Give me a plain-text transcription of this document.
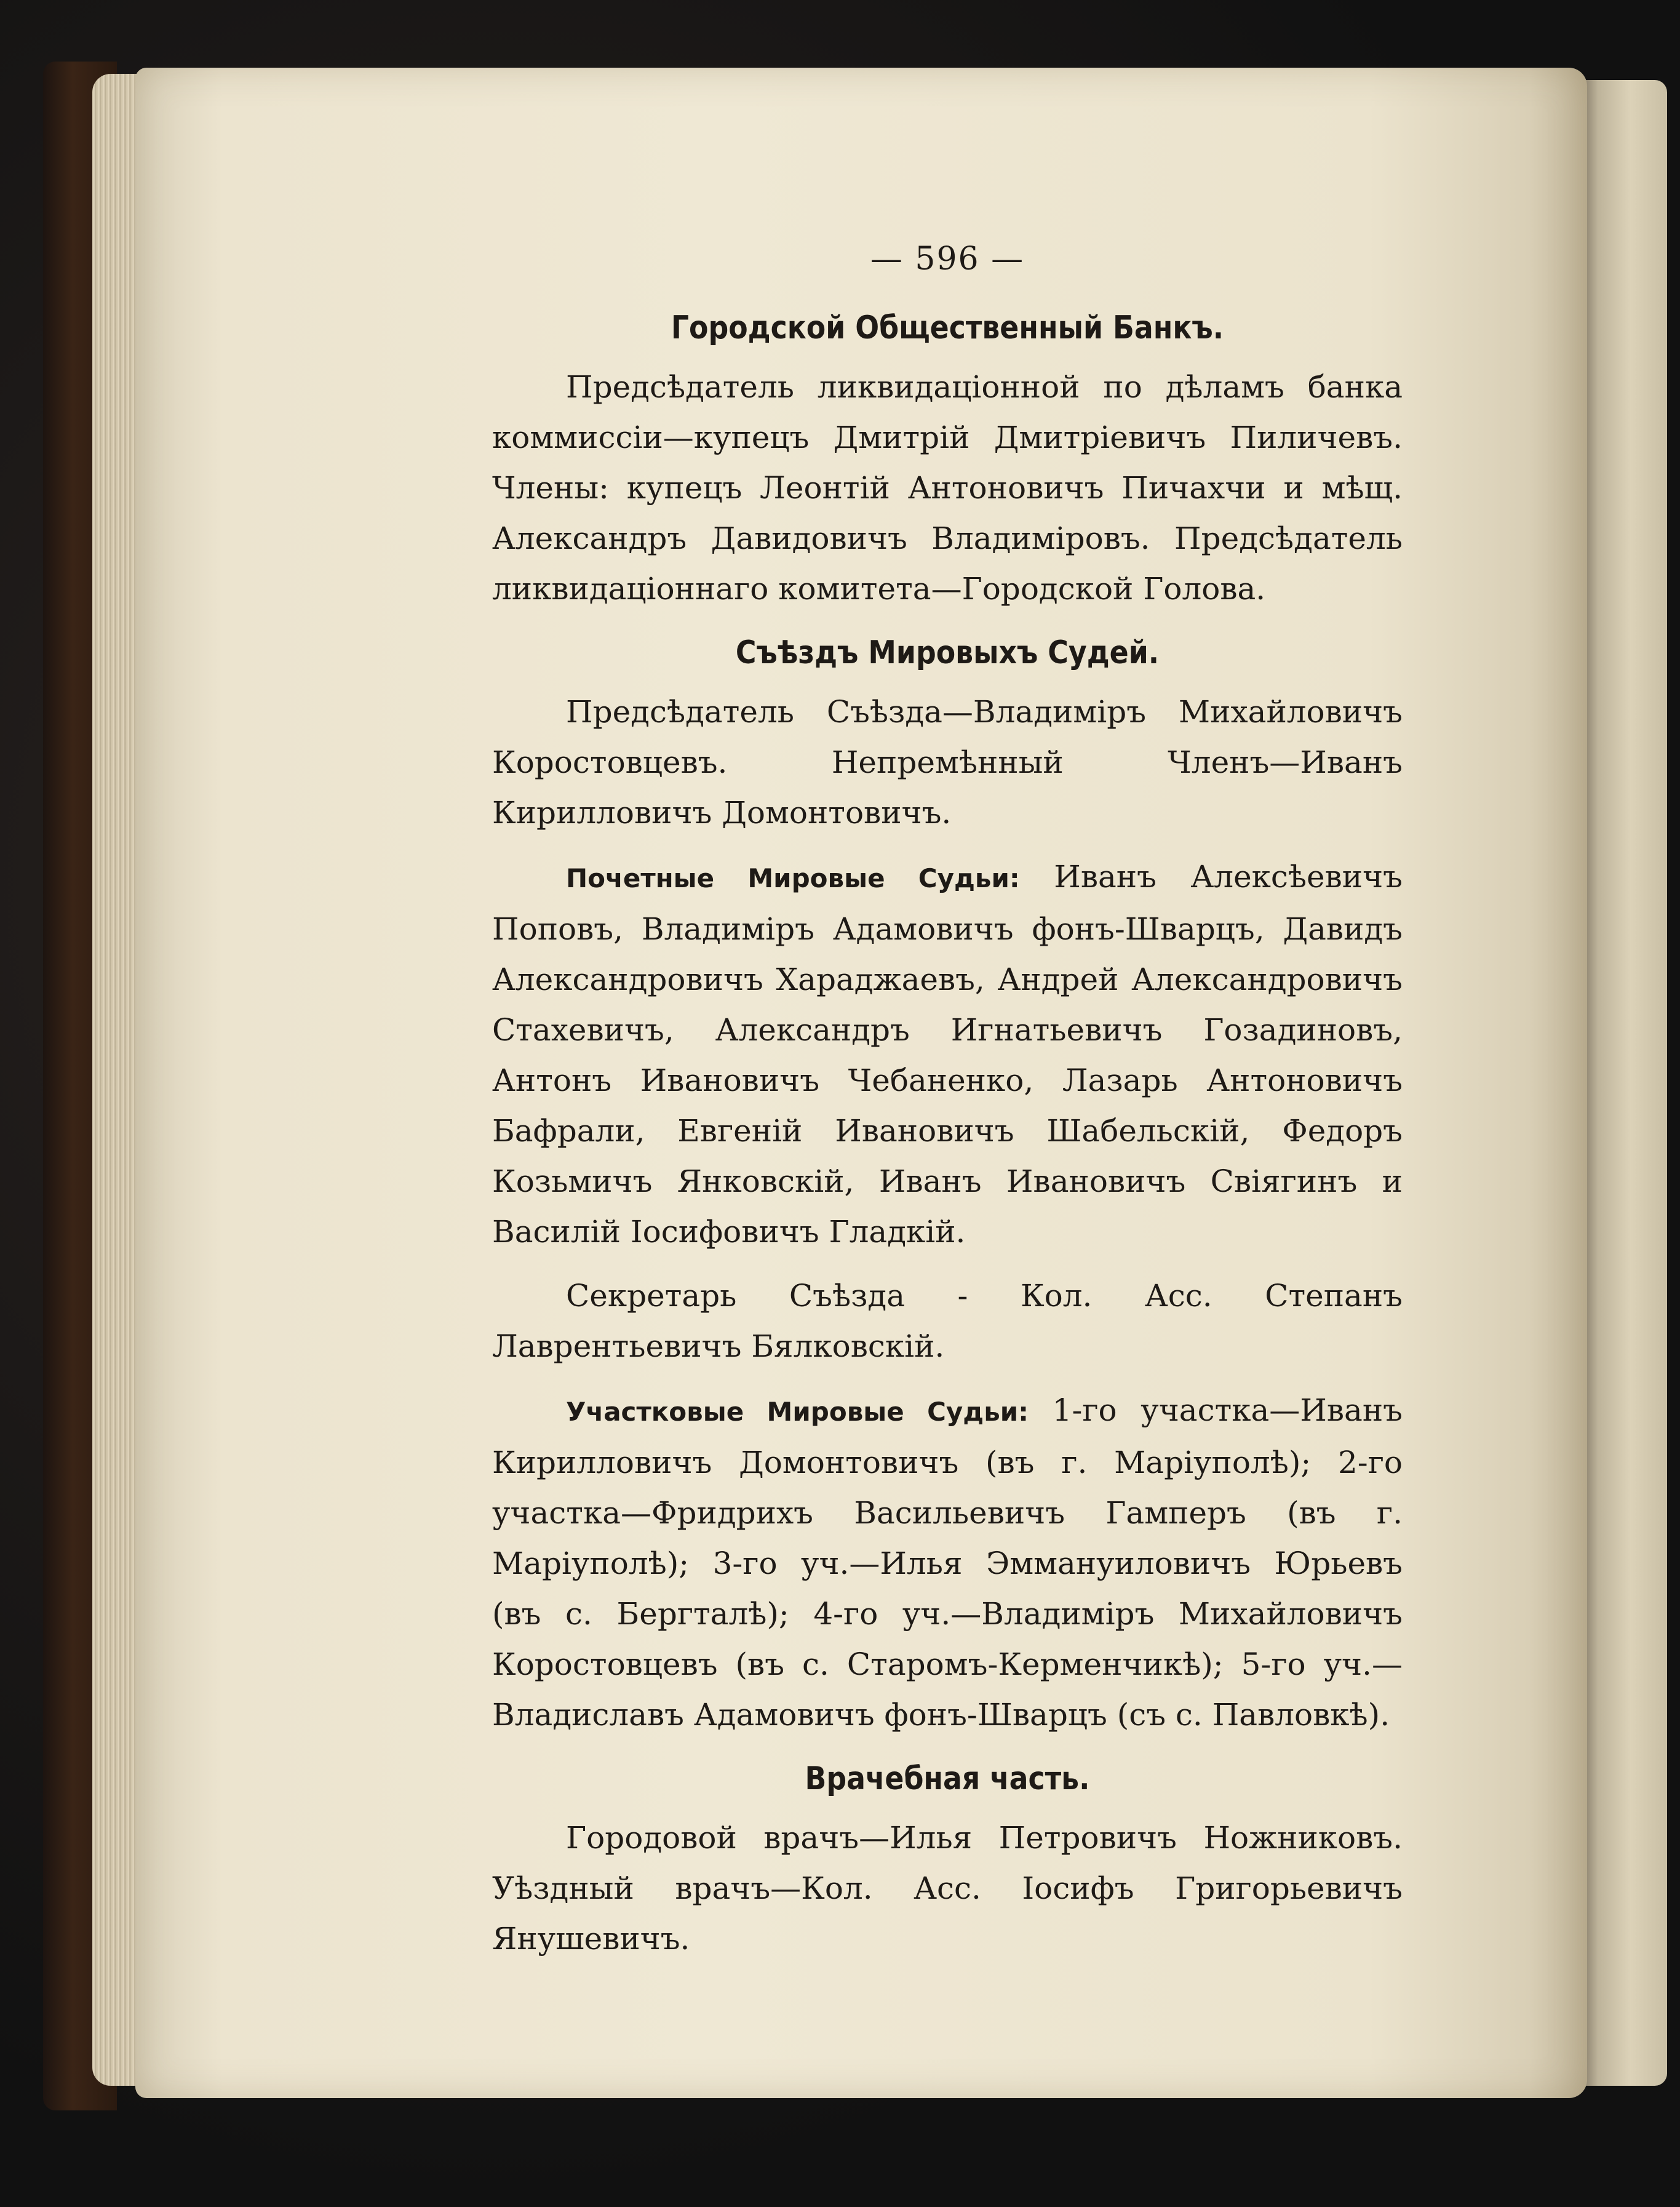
— 596 —
Городской Общественный Банкъ.

Предсѣдатель ликвидаціонной по дѣламъ банка коммиссіи—купецъ Дмитрій Дмитріевичъ Пиличевъ. Члены: купецъ Леонтій Антоновичъ Пичахчи и мѣщ. Александръ Давидовичъ Владиміровъ. Предсѣдатель ликвидаціоннаго комитета—Городской Голова.

Съѣздъ Мировыхъ Судей.

Предсѣдатель Съѣзда—Владиміръ Михайловичъ Коростовцевъ. Непремѣнный Членъ—Иванъ Кирилловичъ Домонтовичъ.

Почетные Мировые Судьи: Иванъ Алексѣевичъ Поповъ, Владиміръ Адамовичъ фонъ-Шварцъ, Давидъ Александровичъ Хараджаевъ, Андрей Александровичъ Стахевичъ, Александръ Игнатьевичъ Гозадиновъ, Антонъ Ивановичъ Чебаненко, Лазарь Антоновичъ Бафрали, Евгеній Ивановичъ Шабельскій, Федоръ Козьмичъ Янковскій, Иванъ Ивановичъ Свіягинъ и Василій Іосифовичъ Гладкій.

Секретарь Съѣзда - Кол. Асс. Степанъ Лаврентьевичъ Бялковскій.

Участковые Мировые Судьи: 1-го участка—Иванъ Кирилловичъ Домонтовичъ (въ г. Маріуполѣ); 2-го участка—Фридрихъ Васильевичъ Гамперъ (въ г. Маріуполѣ); 3-го уч.—Илья Эммануиловичъ Юрьевъ (въ с. Бергталѣ); 4-го уч.—Владиміръ Михайловичъ Коростовцевъ (въ с. Старомъ-Керменчикѣ); 5-го уч.—Владиславъ Адамовичъ фонъ-Шварцъ (съ с. Павловкѣ).

Врачебная часть.

Городовой врачъ—Илья Петровичъ Ножниковъ. Уѣздный врачъ—Кол. Асс. Іосифъ Григорьевичъ Янушевичъ.
